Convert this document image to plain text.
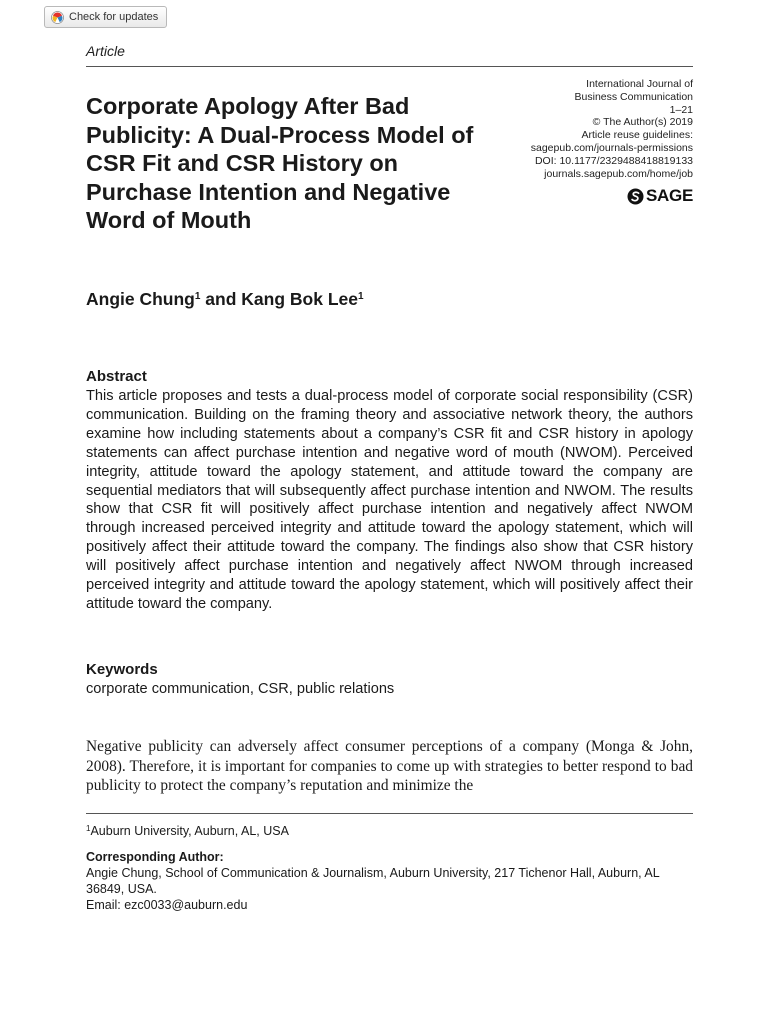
Check for updates
Article
Corporate Apology After Bad Publicity: A Dual-Process Model of CSR Fit and CSR History on Purchase Intention and Negative Word of Mouth
International Journal of
Business Communication
1–21
© The Author(s) 2019
Article reuse guidelines:
sagepub.com/journals-permissions
DOI: 10.1177/2329488418819133
journals.sagepub.com/home/job
SAGE
Angie Chung$^1$ and Kang Bok Lee$^1$
Abstract

This article proposes and tests a dual-process model of corporate social responsibility (CSR) communication. Building on the framing theory and associative network theory, the authors examine how including statements about a company’s CSR fit and CSR history in apology statements can affect purchase intention and negative word of mouth (NWOM). Perceived integrity, attitude toward the apology statement, and attitude toward the company are sequential mediators that will subsequently affect purchase intention and NWOM. The results show that CSR fit will positively affect purchase intention and negatively affect NWOM through increased perceived integrity and attitude toward the apology statement, which will positively affect their attitude toward the company. The findings also show that CSR history will positively affect purchase intention and negatively affect NWOM through increased perceived integrity and attitude toward the apology statement, which will positively affect their attitude toward the company.

Keywords

corporate communication, CSR, public relations

Negative publicity can adversely affect consumer perceptions of a company (Monga & John, 2008). Therefore, it is important for companies to come up with strategies to better respond to bad publicity to protect the company’s reputation and minimize the

$^1$Auburn University, Auburn, AL, USA

Corresponding Author:

Angie Chung, School of Communication & Journalism, Auburn University, 217 Tichenor Hall, Auburn, AL 36849, USA.
Email: ezc0033@auburn.edu
